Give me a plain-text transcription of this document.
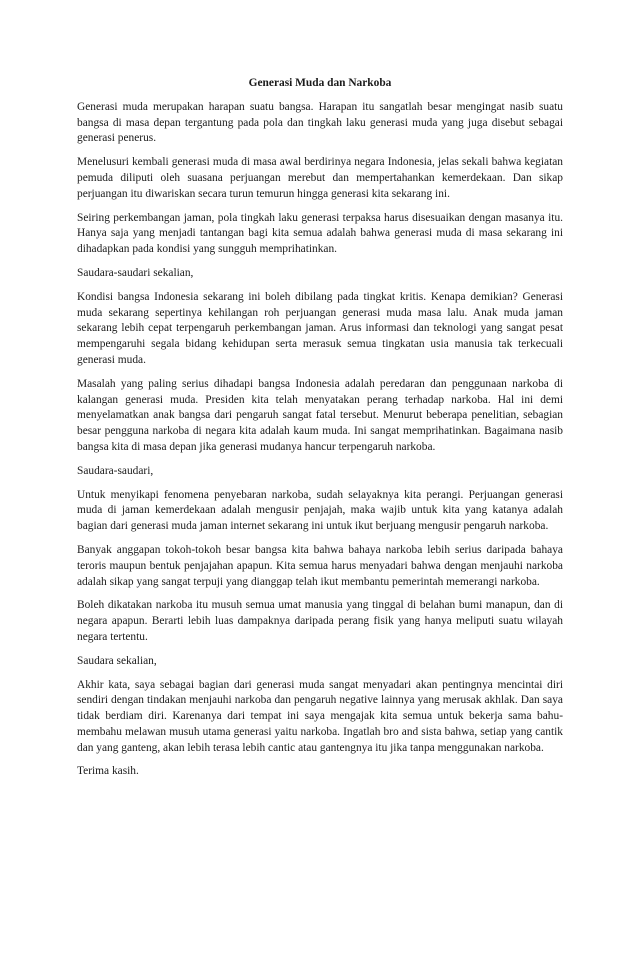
Generasi Muda dan Narkoba

Generasi muda merupakan harapan suatu bangsa. Harapan itu sangatlah besar mengingat nasib suatu bangsa di masa depan tergantung pada pola dan tingkah laku generasi muda yang juga disebut sebagai generasi penerus.

Menelusuri kembali generasi muda di masa awal berdirinya negara Indonesia, jelas sekali bahwa kegiatan pemuda diliputi oleh suasana perjuangan merebut dan mempertahankan kemerdekaan. Dan sikap perjuangan itu diwariskan secara turun temurun hingga generasi kita sekarang ini.

Seiring perkembangan jaman, pola tingkah laku generasi terpaksa harus disesuaikan dengan masanya itu. Hanya saja yang menjadi tantangan bagi kita semua adalah bahwa generasi muda di masa sekarang ini dihadapkan pada kondisi yang sungguh memprihatinkan.

Saudara-saudari sekalian,

Kondisi bangsa Indonesia sekarang ini boleh dibilang pada tingkat kritis. Kenapa demikian? Generasi muda sekarang sepertinya kehilangan roh perjuangan generasi muda masa lalu. Anak muda jaman sekarang lebih cepat terpengaruh perkembangan jaman. Arus informasi dan teknologi yang sangat pesat mempengaruhi segala bidang kehidupan serta merasuk semua tingkatan usia manusia tak terkecuali generasi muda.

Masalah yang paling serius dihadapi bangsa Indonesia adalah peredaran dan penggunaan narkoba di kalangan generasi muda. Presiden kita telah menyatakan perang terhadap narkoba. Hal ini demi menyelamatkan anak bangsa dari pengaruh sangat fatal tersebut. Menurut beberapa penelitian, sebagian besar pengguna narkoba di negara kita adalah kaum muda. Ini sangat memprihatinkan. Bagaimana nasib bangsa kita di masa depan jika generasi mudanya hancur terpengaruh narkoba.

Saudara-saudari,

Untuk menyikapi fenomena penyebaran narkoba, sudah selayaknya kita perangi. Perjuangan generasi muda di jaman kemerdekaan adalah mengusir penjajah, maka wajib untuk kita yang katanya adalah bagian dari generasi muda jaman internet sekarang ini untuk ikut berjuang mengusir pengaruh narkoba.

Banyak anggapan tokoh-tokoh besar bangsa kita bahwa bahaya narkoba lebih serius daripada bahaya teroris maupun bentuk penjajahan apapun. Kita semua harus menyadari bahwa dengan menjauhi narkoba adalah sikap yang sangat terpuji yang dianggap telah ikut membantu pemerintah memerangi narkoba.

Boleh dikatakan narkoba itu musuh semua umat manusia yang tinggal di belahan bumi manapun, dan di negara apapun. Berarti lebih luas dampaknya daripada perang fisik yang hanya meliputi suatu wilayah negara tertentu.

Saudara sekalian,

Akhir kata, saya sebagai bagian dari generasi muda sangat menyadari akan pentingnya mencintai diri sendiri dengan tindakan menjauhi narkoba dan pengaruh negative lainnya yang merusak akhlak. Dan saya tidak berdiam diri. Karenanya dari tempat ini saya mengajak kita semua untuk bekerja sama bahu-membahu melawan musuh utama generasi yaitu narkoba. Ingatlah bro and sista bahwa, setiap yang cantik dan yang ganteng, akan lebih terasa lebih cantic atau gantengnya itu jika tanpa menggunakan narkoba.

Terima kasih.
